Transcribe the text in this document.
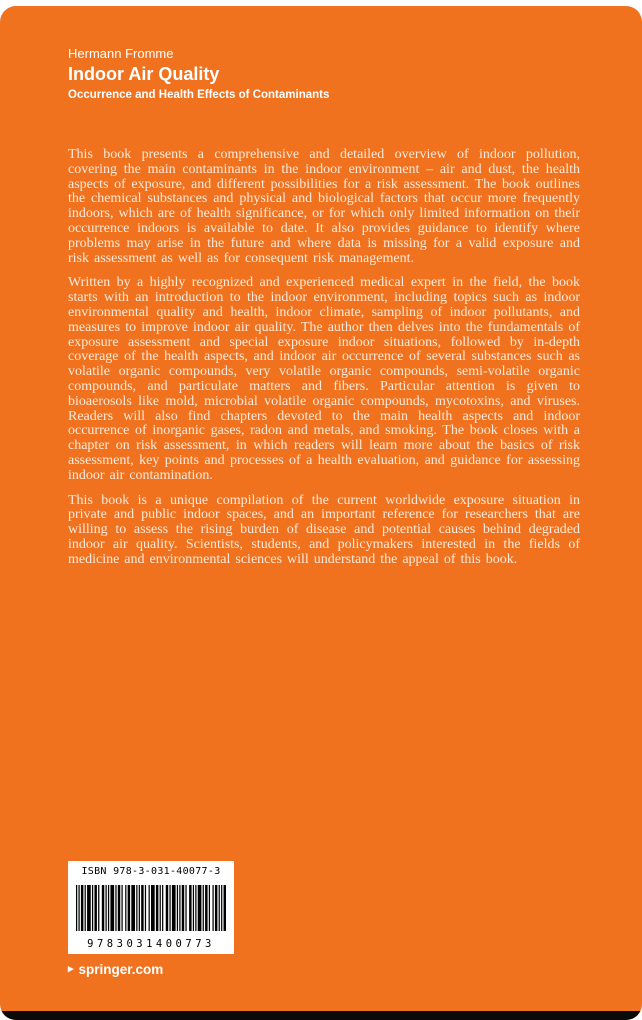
Hermann Fromme
Indoor Air Quality
Occurrence and Health Effects of Contaminants

This book presents a comprehensive and detailed overview of indoor pollution, covering the main contaminants in the indoor environment – air and dust, the health aspects of exposure, and different possibilities for a risk assessment. The book outlines the chemical substances and physical and biological factors that occur more frequently indoors, which are of health significance, or for which only limited information on their occurrence indoors is available to date. It also provides guidance to identify where problems may arise in the future and where data is missing for a valid exposure and risk assessment as well as for consequent risk management.

Written by a highly recognized and experienced medical expert in the field, the book starts with an introduction to the indoor environment, including topics such as indoor environmental quality and health, indoor climate, sampling of indoor pollutants, and measures to improve indoor air quality. The author then delves into the fundamentals of exposure assessment and special exposure indoor situations, followed by in-depth coverage of the health aspects, and indoor air occurrence of several substances such as volatile organic compounds, very volatile organic compounds, semi-volatile organic compounds, and particulate matters and fibers. Particular attention is given to bioaerosols like mold, microbial volatile organic compounds, mycotoxins, and viruses. Readers will also find chapters devoted to the main health aspects and indoor occurrence of inorganic gases, radon and metals, and smoking. The book closes with a chapter on risk assessment, in which readers will learn more about the basics of risk assessment, key points and processes of a health evaluation, and guidance for assessing indoor air contamination.

This book is a unique compilation of the current worldwide exposure situation in private and public indoor spaces, and an important reference for researchers that are willing to assess the rising burden of disease and potential causes behind degraded indoor air quality. Scientists, students, and policymakers interested in the fields of medicine and environmental sciences will understand the appeal of this book.

ISBN 978-3-031-40077-3
9783031400773
▸ springer.com
